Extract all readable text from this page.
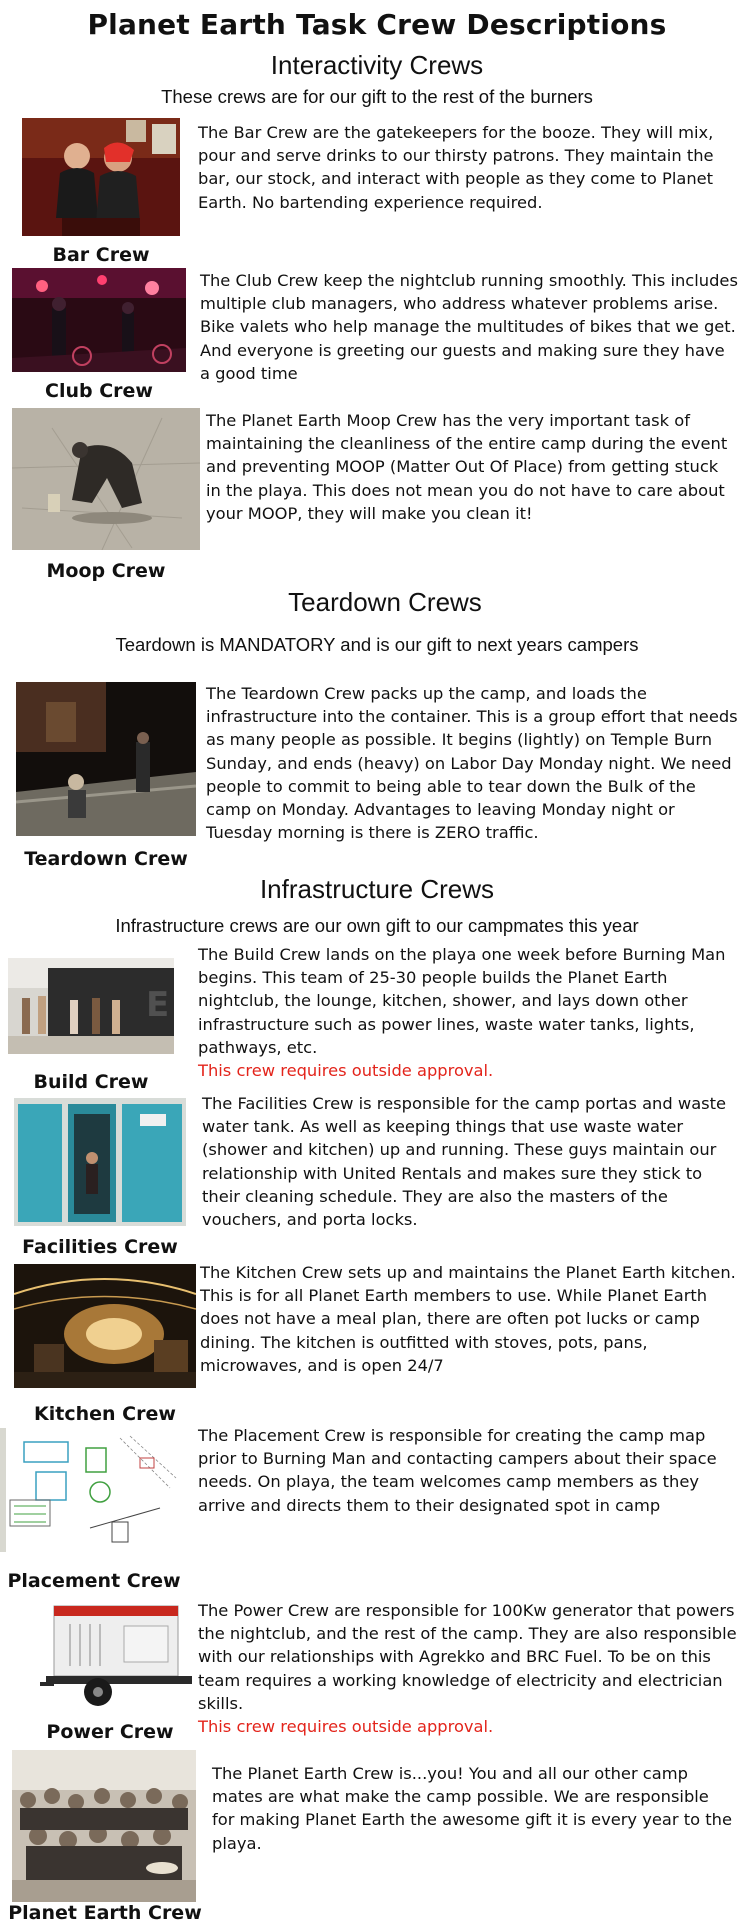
Planet Earth Task Crew Descriptions
Interactivity Crews
These crews are for our gift to the rest of the burners
The Bar Crew are the gatekeepers for the booze. They will mix, pour and serve drinks to our thirsty patrons. They maintain the bar, our stock, and interact with people as they come to Planet Earth. No bartending experience required.
Bar Crew
The Club Crew keep the nightclub running smoothly. This includes multiple club managers, who address whatever problems arise. Bike valets who help manage the multitudes of bikes that we get. And everyone is greeting our guests and making sure they have a good time
Club Crew
The Planet Earth Moop Crew has the very important task of maintaining the cleanliness of the entire camp during the event and preventing MOOP (Matter Out Of Place) from getting stuck in the playa. This does not mean you do not have to care about your MOOP, they will make you clean it!
Moop Crew
Teardown Crews
Teardown is MANDATORY and is our gift to next years campers
The Teardown Crew packs up the camp, and loads the infrastructure into the container. This is a group effort that needs as many people as possible. It begins (lightly) on Temple Burn Sunday, and ends (heavy) on Labor Day Monday night. We need people to commit to being able to tear down the Bulk of the camp on Monday. Advantages to leaving Monday night or Tuesday morning is there is ZERO traffic.
Teardown Crew
Infrastructure Crews
Infrastructure crews are our own gift to our campmates this year
E
The Build Crew lands on the playa one week before Burning Man begins. This team of 25-30 people builds the Planet Earth nightclub, the lounge, kitchen, shower, and lays down other infrastructure such as power lines, waste water tanks, lights, pathways, etc.
This crew requires outside approval.
Build Crew
The Facilities Crew is responsible for the camp portas and waste water tank. As well as keeping things that use waste water (shower and kitchen) up and running. These guys maintain our relationship with United Rentals and makes sure they stick to their cleaning schedule. They are also the masters of the vouchers, and porta locks.
Facilities Crew
The Kitchen Crew sets up and maintains the Planet Earth kitchen. This is for all Planet Earth members to use. While Planet Earth does not have a meal plan, there are often pot lucks or camp dining. The kitchen is outfitted with stoves, pots, pans, microwaves, and is open 24/7
Kitchen Crew
The Placement Crew is responsible for creating the camp map prior to Burning Man and contacting campers about their space needs. On playa, the team welcomes camp members as they arrive and directs them to their designated spot in camp
Placement Crew
The Power Crew are responsible for 100Kw generator that powers the nightclub, and the rest of the camp. They are also responsible with our relationships with Agrekko and BRC Fuel. To be on this team requires a working knowledge of electricity and electrician skills.
This crew requires outside approval.
Power Crew
The Planet Earth Crew is...you! You and all our other camp mates are what make the camp possible. We are responsible for making Planet Earth the awesome gift it is every year to the playa.
Planet Earth Crew
